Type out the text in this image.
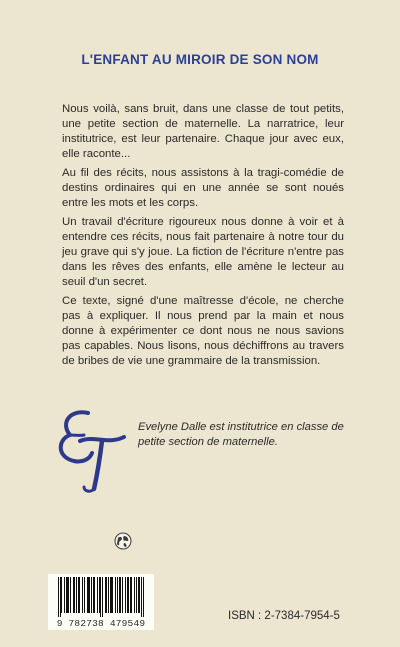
L'ENFANT AU MIROIR DE SON NOM

Nous voilà, sans bruit, dans une classe de tout petits, une petite section de maternelle. La narratrice, leur institutrice, est leur partenaire. Chaque jour avec eux, elle raconte...

Au fil des récits, nous assistons à la tragi-comédie de destins ordinaires qui en une année se sont noués entre les mots et les corps.

Un travail d'écriture rigoureux nous donne à voir et à entendre ces récits, nous fait partenaire à notre tour du jeu grave qui s'y joue. La fiction de l'écriture n'entre pas dans les rêves des enfants, elle amène le lecteur au seuil d'un secret.

Ce texte, signé d'une maîtresse d'école, ne cherche pas à expliquer. Il nous prend par la main et nous donne à expérimenter ce dont nous ne nous savions pas capables. Nous lisons, nous déchiffrons au travers de bribes de vie une grammaire de la transmission.

Evelyne Dalle est institutrice en classe de petite section de maternelle.
9 782738 479549
ISBN : 2-7384-7954-5
